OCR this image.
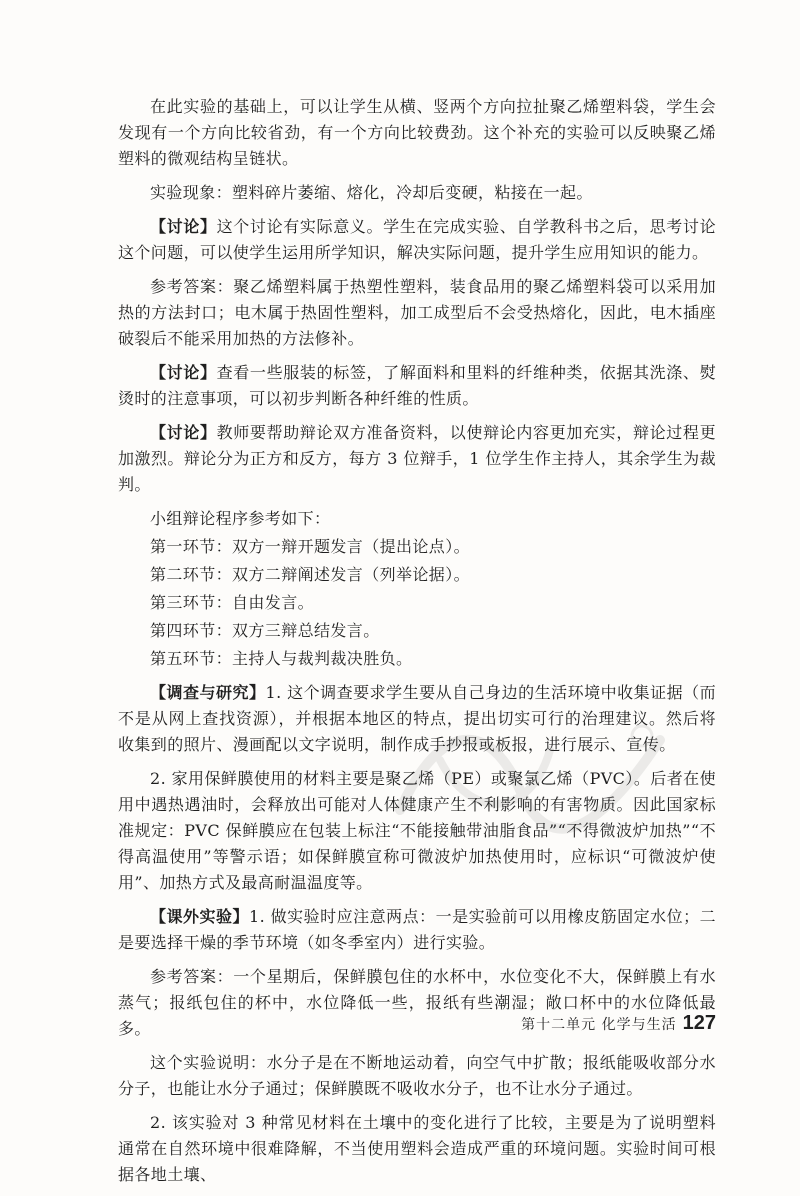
在此实验的基础上，可以让学生从横、竖两个方向拉扯聚乙烯塑料袋，学生会发现有一个方向比较省劲，有一个方向比较费劲。这个补充的实验可以反映聚乙烯塑料的微观结构呈链状。

实验现象：塑料碎片萎缩、熔化，冷却后变硬，粘接在一起。

【讨论】这个讨论有实际意义。学生在完成实验、自学教科书之后，思考讨论这个问题，可以使学生运用所学知识，解决实际问题，提升学生应用知识的能力。

参考答案：聚乙烯塑料属于热塑性塑料，装食品用的聚乙烯塑料袋可以采用加热的方法封口；电木属于热固性塑料，加工成型后不会受热熔化，因此，电木插座破裂后不能采用加热的方法修补。

【讨论】查看一些服装的标签，了解面料和里料的纤维种类，依据其洗涤、熨烫时的注意事项，可以初步判断各种纤维的性质。

【讨论】教师要帮助辩论双方准备资料，以使辩论内容更加充实，辩论过程更加激烈。辩论分为正方和反方，每方 3 位辩手，1 位学生作主持人，其余学生为裁判。

小组辩论程序参考如下：

第一环节：双方一辩开题发言（提出论点）。

第二环节：双方二辩阐述发言（列举论据）。

第三环节：自由发言。

第四环节：双方三辩总结发言。

第五环节：主持人与裁判裁决胜负。

【调查与研究】1. 这个调查要求学生要从自己身边的生活环境中收集证据（而不是从网上查找资源），并根据本地区的特点，提出切实可行的治理建议。然后将收集到的照片、漫画配以文字说明，制作成手抄报或板报，进行展示、宣传。

2. 家用保鲜膜使用的材料主要是聚乙烯（PE）或聚氯乙烯（PVC）。后者在使用中遇热遇油时，会释放出可能对人体健康产生不利影响的有害物质。因此国家标准规定：PVC 保鲜膜应在包装上标注“不能接触带油脂食品”“不得微波炉加热”“不得高温使用”等警示语；如保鲜膜宣称可微波炉加热使用时，应标识“可微波炉使用”、加热方式及最高耐温温度等。

【课外实验】1. 做实验时应注意两点：一是实验前可以用橡皮筋固定水位；二是要选择干燥的季节环境（如冬季室内）进行实验。

参考答案：一个星期后，保鲜膜包住的水杯中，水位变化不大，保鲜膜上有水蒸气；报纸包住的杯中，水位降低一些，报纸有些潮湿；敞口杯中的水位降低最多。

这个实验说明：水分子是在不断地运动着，向空气中扩散；报纸能吸收部分水分子，也能让水分子通过；保鲜膜既不吸收水分子，也不让水分子通过。

2. 该实验对 3 种常见材料在土壤中的变化进行了比较，主要是为了说明塑料通常在自然环境中很难降解，不当使用塑料会造成严重的环境问题。实验时间可根据各地土壤、

第十二单元 化学与生活 127
